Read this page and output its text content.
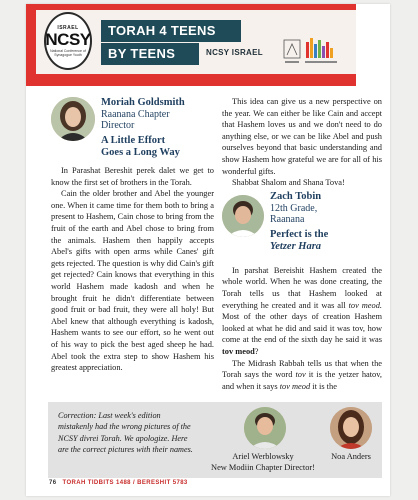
ISRAEL
NCSY
National Conference of Synagogue Youth
TORAH 4 TEENS
BY TEENS	NCSY ISRAEL
Moriah Goldsmith
Raanana Chapter
Director
A Little Effort
Goes a Long Way

In Parashat Bereshit perek dalet we get to know the first set of brothers in the Torah.

Cain the older brother and Abel the younger one. When it came time for them both to bring a present to Hashem, Cain chose to bring from the fruit of the earth and Abel chose to bring from the animals. Hashem then happily accepts Abel's gifts with open arms while Canes' gift gets rejected. The question is why did Cain's gift get rejected? Cain knows that everything in this world Hashem made kadosh and when he brought fruit he didn't differentiate between good fruit or bad fruit, they were all holy! But Abel knew that although everything is kadosh, Hashem wants to see our effort, so he went out of his way to pick the best aged sheep he had. Abel took the extra step to show Hashem his greatest appreciation.

This idea can give us a new perspective on the year. We can either be like Cain and accept that Hashem loves us and we don't need to do anything else, or we can be like Abel and push ourselves beyond that basic understanding and show Hashem how grateful we are for all of his wonderful gifts.

Shabbat Shalom and Shana Tova!

Zach Tobin
12th Grade,
Raanana
Perfect is the
Yetzer Hara

In parshat Bereishit Hashem created the whole world. When he was done creating, the Torah tells us that Hashem looked at everything he created and it was all tov meod. Most of the other days of creation Hashem looked at what he did and said it was tov, how come at the end of the sixth day he said it was tov meod?

The Midrash Rabbah tells us that when the Torah says the word tov it is the yetzer hatov, and when it says tov meod it is the

Correction: Last week's edition mistakenly had the wrong pictures of the NCSY divrei Torah. We apologize. Here are the correct pictures with their names.
Ariel Werblowsky
New Modiin Chapter Director!
Noa Anders
76 TORAH TIDBITS 1488 / BERESHIT 5783
